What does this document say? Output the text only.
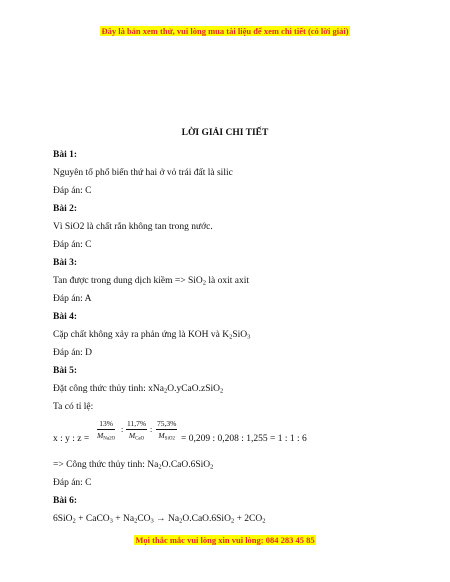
Đây là bản xem thử, vui lòng mua tài liệu để xem chi tiết (có lời giải)
LỜI GIẢI CHI TIẾT
Bài 1:
Nguyên tố phổ biến thứ hai ở vỏ trái đất là silic
Đáp án: C
Bài 2:
Vì SiO2 là chất rắn không tan trong nước.
Đáp án: C
Bài 3:
Tan được trong dung dịch kiềm => SiO$_2$ là oxit axit
Đáp án: A
Bài 4:
Cặp chất không xảy ra phản ứng là KOH và $K_2SiO_3$
Đáp án: D
Bài 5:
Đặt công thức thủy tinh: xNa$_2$O.yCaO.zSiO$_2$
Ta có tỉ lệ:
x : y : z =
13%
$M_{Na2O}$
:
11,7%
$M_{CaO}$
:
75,3%
$M_{SiO2} = 0,209$ : 0,208 : 1,255 = 1 : 1 : 6
=> Công thức thủy tinh: $Na_2O.CaO.6SiO_2$
Đáp án: C
Bài 6:
6SiO$_2$ + CaCO$_3$ + $Na_2CO_3 \to Na_2O.CaO.6SiO_2 + 2CO_2$
Mọi thắc mắc vui lòng xin vui lòng: 084 283 45 85
